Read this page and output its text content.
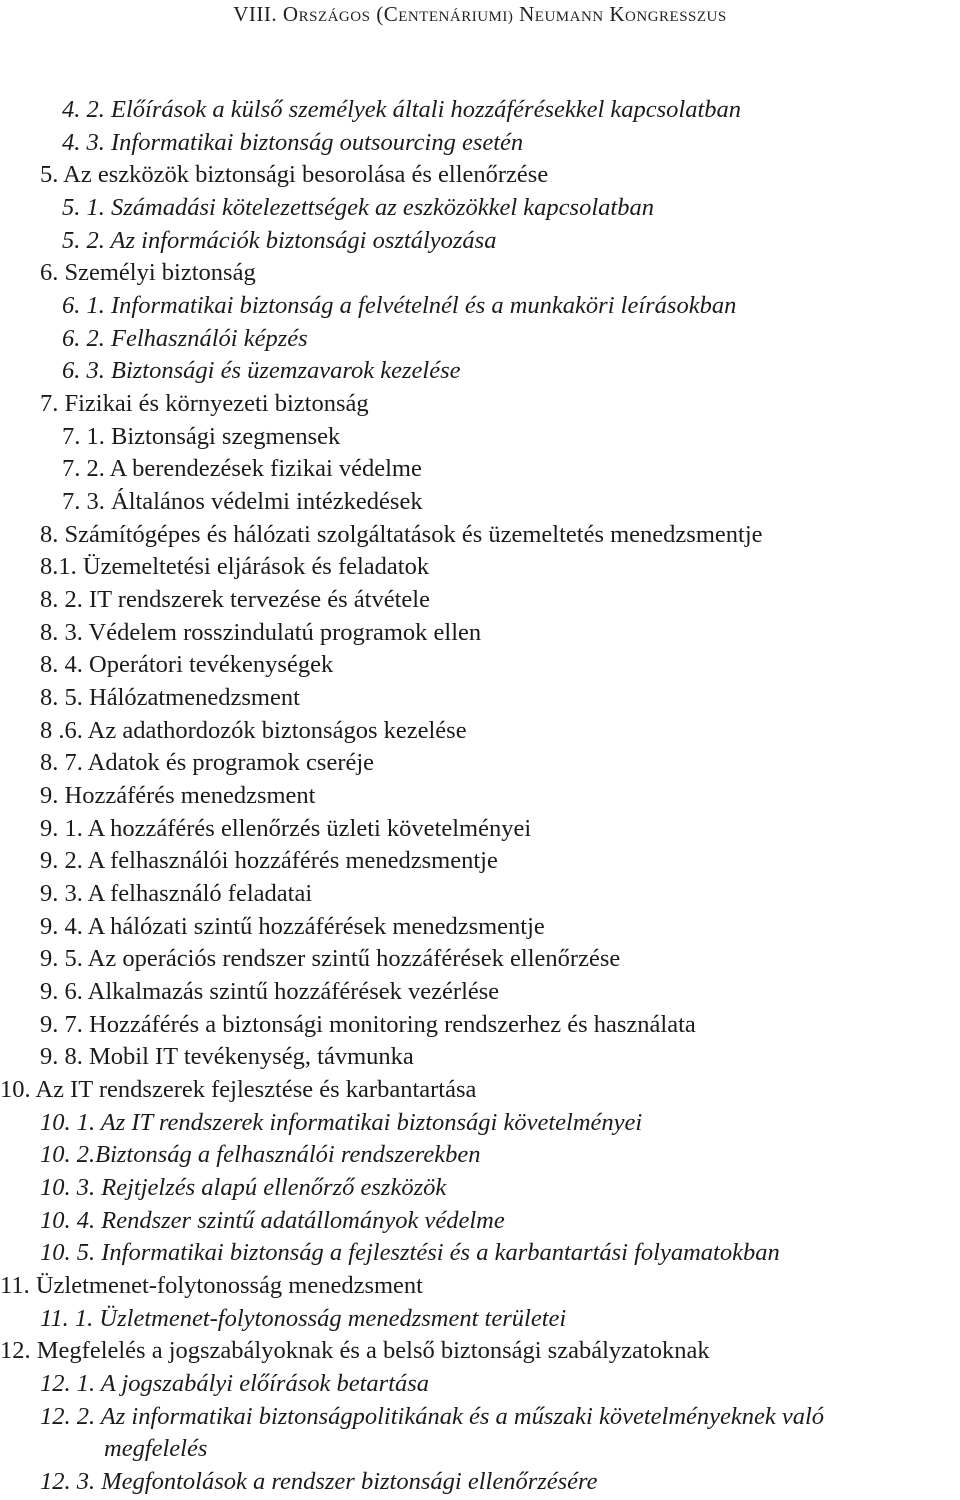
VIII. ORSZÁGOS (CENTENÁRIUMI) NEUMANN KONGRESSZUS
4. 2. Előírások a külső személyek általi hozzáférésekkel kapcsolatban
4. 3. Informatikai biztonság outsourcing esetén
5. Az eszközök biztonsági besorolása és ellenőrzése
5. 1. Számadási kötelezettségek az eszközökkel kapcsolatban
5. 2. Az információk biztonsági osztályozása
6. Személyi biztonság
6. 1. Informatikai biztonság a felvételnél és a munkaköri leírásokban
6. 2. Felhasználói képzés
6. 3. Biztonsági és üzemzavarok kezelése
7. Fizikai és környezeti biztonság
7. 1. Biztonsági szegmensek
7. 2. A berendezések fizikai védelme
7. 3. Általános védelmi intézkedések
8. Számítógépes és hálózati szolgáltatások és üzemeltetés menedzsmentje
8.1. Üzemeltetési eljárások és feladatok
8. 2. IT rendszerek tervezése és átvétele
8. 3. Védelem rosszindulatú programok ellen
8. 4. Operátori tevékenységek
8. 5. Hálózatmenedzsment
8 .6. Az adathordozók biztonságos kezelése
8. 7. Adatok és programok cseréje
9. Hozzáférés menedzsment
9. 1. A hozzáférés ellenőrzés üzleti követelményei
9. 2. A felhasználói hozzáférés menedzsmentje
9. 3. A felhasználó feladatai
9. 4. A hálózati szintű hozzáférések menedzsmentje
9. 5. Az operációs rendszer szintű hozzáférések ellenőrzése
9. 6. Alkalmazás szintű hozzáférések vezérlése
9. 7. Hozzáférés a biztonsági monitoring rendszerhez és használata
9. 8. Mobil IT tevékenység, távmunka
10. Az IT rendszerek fejlesztése és karbantartása
10. 1. Az IT rendszerek informatikai biztonsági követelményei
10. 2.Biztonság a felhasználói rendszerekben
10. 3. Rejtjelzés alapú ellenőrző eszközök
10. 4. Rendszer szintű adatállományok védelme
10. 5. Informatikai biztonság a fejlesztési és a karbantartási folyamatokban
11. Üzletmenet-folytonosság menedzsment
11. 1. Üzletmenet-folytonosság menedzsment területei
12. Megfelelés a jogszabályoknak és a belső biztonsági szabályzatoknak
12. 1. A jogszabályi előírások betartása
12. 2. Az informatikai biztonságpolitikának és a műszaki követelményeknek való
megfelelés
12. 3. Megfontolások a rendszer biztonsági ellenőrzésére
